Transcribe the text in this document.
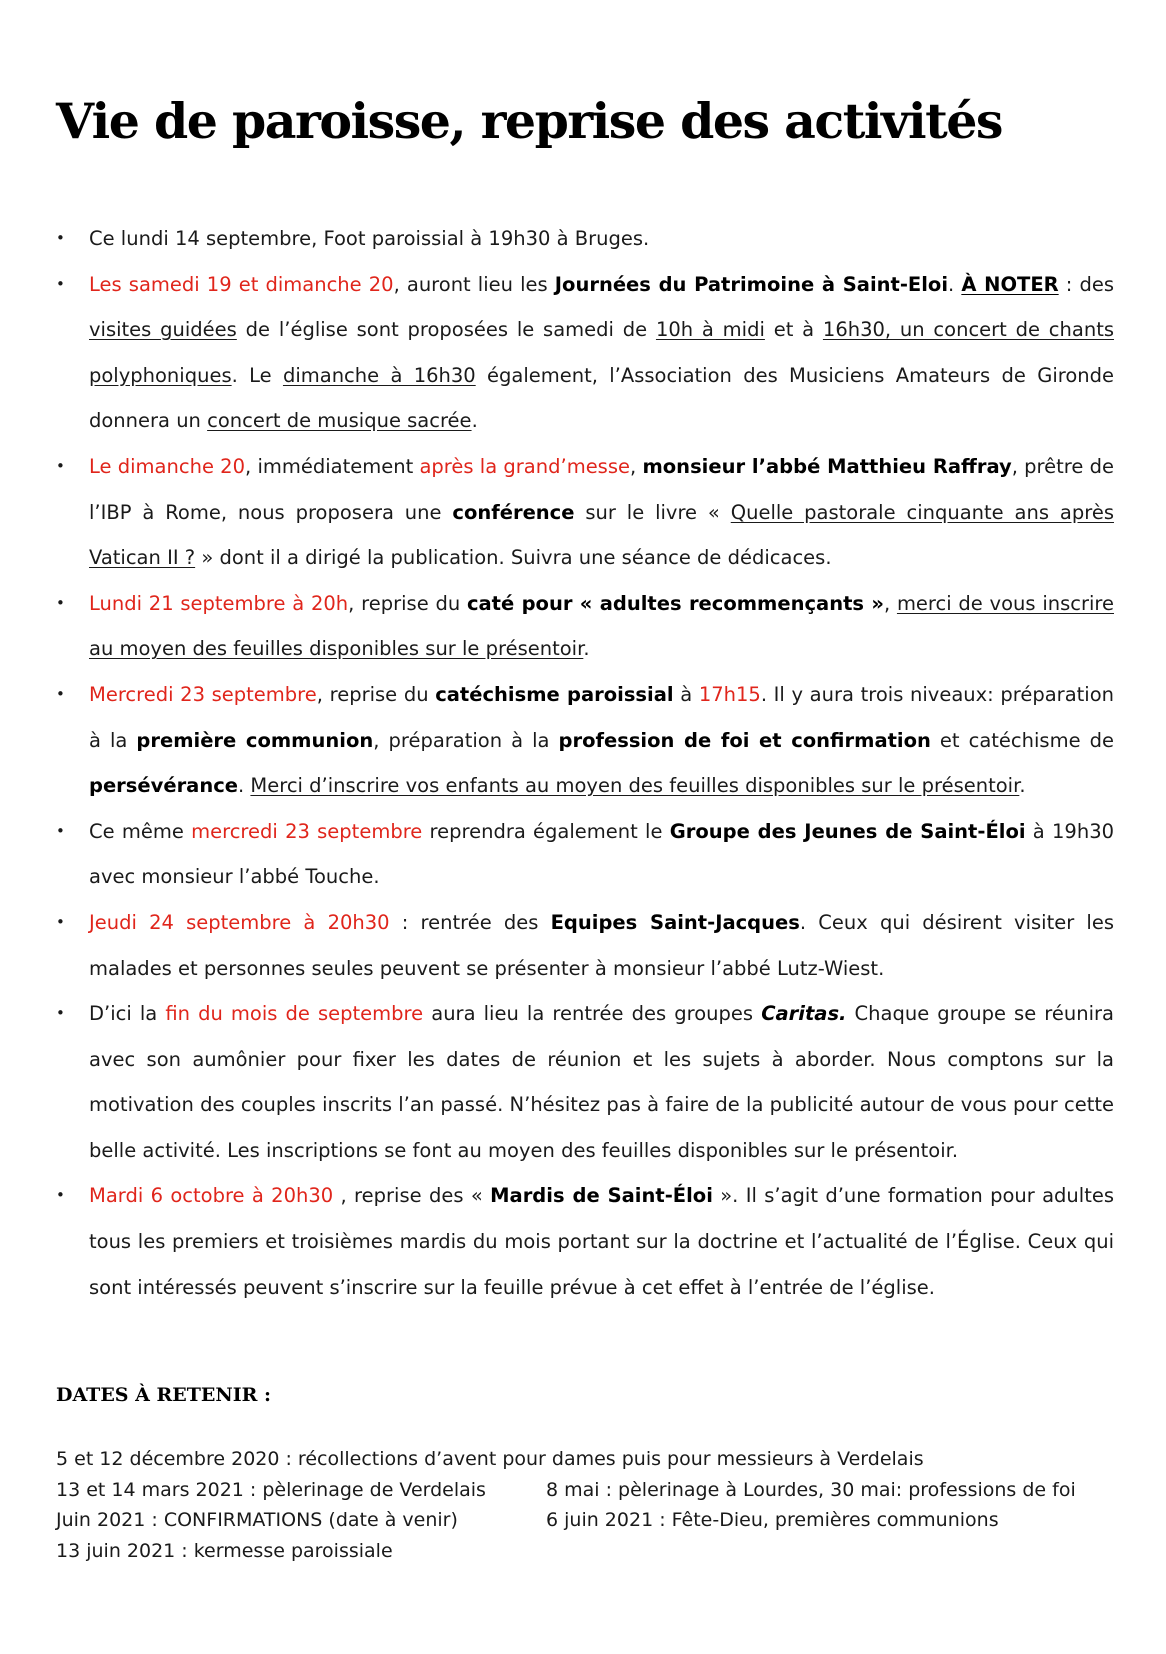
Vie de paroisse, reprise des activités
• Ce lundi 14 septembre, Foot paroissial à 19h30 à Bruges.
• Les samedi 19 et dimanche 20, auront lieu les Journées du Patrimoine à Saint-Eloi. À NOTER : des visites guidées de l’église sont proposées le samedi de 10h à midi et à 16h30, un concert de chants polyphoniques. Le dimanche à 16h30 également, l’Association des Musiciens Amateurs de Gironde donnera un concert de musique sacrée.
• Le dimanche 20, immédiatement après la grand’messe, monsieur l’abbé Matthieu Raffray, prêtre de l’IBP à Rome, nous proposera une conférence sur le livre « Quelle pastorale cinquante ans après Vatican II ? » dont il a dirigé la publication. Suivra une séance de dédicaces.
• Lundi 21 septembre à 20h, reprise du caté pour « adultes recommençants », merci de vous inscrire au moyen des feuilles disponibles sur le présentoir.
• Mercredi 23 septembre, reprise du catéchisme paroissial à 17h15. Il y aura trois niveaux: préparation à la première communion, préparation à la profession de foi et confirmation et catéchisme de persévérance. Merci d’inscrire vos enfants au moyen des feuilles disponibles sur le présentoir.
• Ce même mercredi 23 septembre reprendra également le Groupe des Jeunes de Saint-Éloi à 19h30 avec monsieur l’abbé Touche.
• Jeudi 24 septembre à 20h30 : rentrée des Equipes Saint-Jacques. Ceux qui désirent visiter les malades et personnes seules peuvent se présenter à monsieur l’abbé Lutz-Wiest.
• D’ici la fin du mois de septembre aura lieu la rentrée des groupes Caritas. Chaque groupe se réunira avec son aumônier pour fixer les dates de réunion et les sujets à aborder. Nous comptons sur la motivation des couples inscrits l’an passé. N’hésitez pas à faire de la publicité autour de vous pour cette belle activité. Les inscriptions se font au moyen des feuilles disponibles sur le présentoir.
• Mardi 6 octobre à 20h30 , reprise des « Mardis de Saint-Éloi ». Il s’agit d’une formation pour adultes tous les premiers et troisièmes mardis du mois portant sur la doctrine et l’actualité de l’Église. Ceux qui sont intéressés peuvent s’inscrire sur la feuille prévue à cet effet à l’entrée de l’église.
DATES À RETENIR :
5 et 12 décembre 2020 : récollections d’avent pour dames puis pour messieurs à Verdelais
13 et 14 mars 2021 : pèlerinage de Verdelais	8 mai : pèlerinage à Lourdes, 30 mai: professions de foi
Juin 2021 : CONFIRMATIONS (date à venir)	6 juin 2021 : Fête-Dieu, premières communions
13 juin 2021 : kermesse paroissiale
